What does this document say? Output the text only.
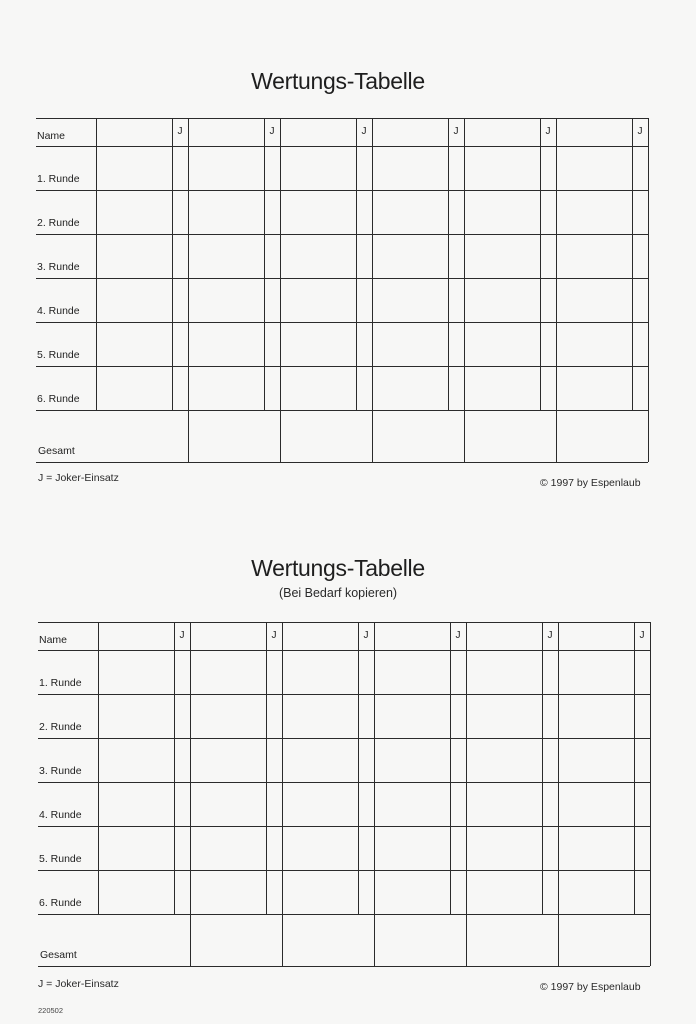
Wertungs-Tabelle
Name	J	J	J	J	J	J
1. Runde
2. Runde
3. Runde
4. Runde
5. Runde
6. Runde
Gesamt
J = Joker-Einsatz	© 1997 by Espenlaub
Wertungs-Tabelle
(Bei Bedarf kopieren)
Name	J	J	J	J	J	J
1. Runde
2. Runde
3. Runde
4. Runde
5. Runde
6. Runde
Gesamt
J = Joker-Einsatz	© 1997 by Espenlaub
220502
